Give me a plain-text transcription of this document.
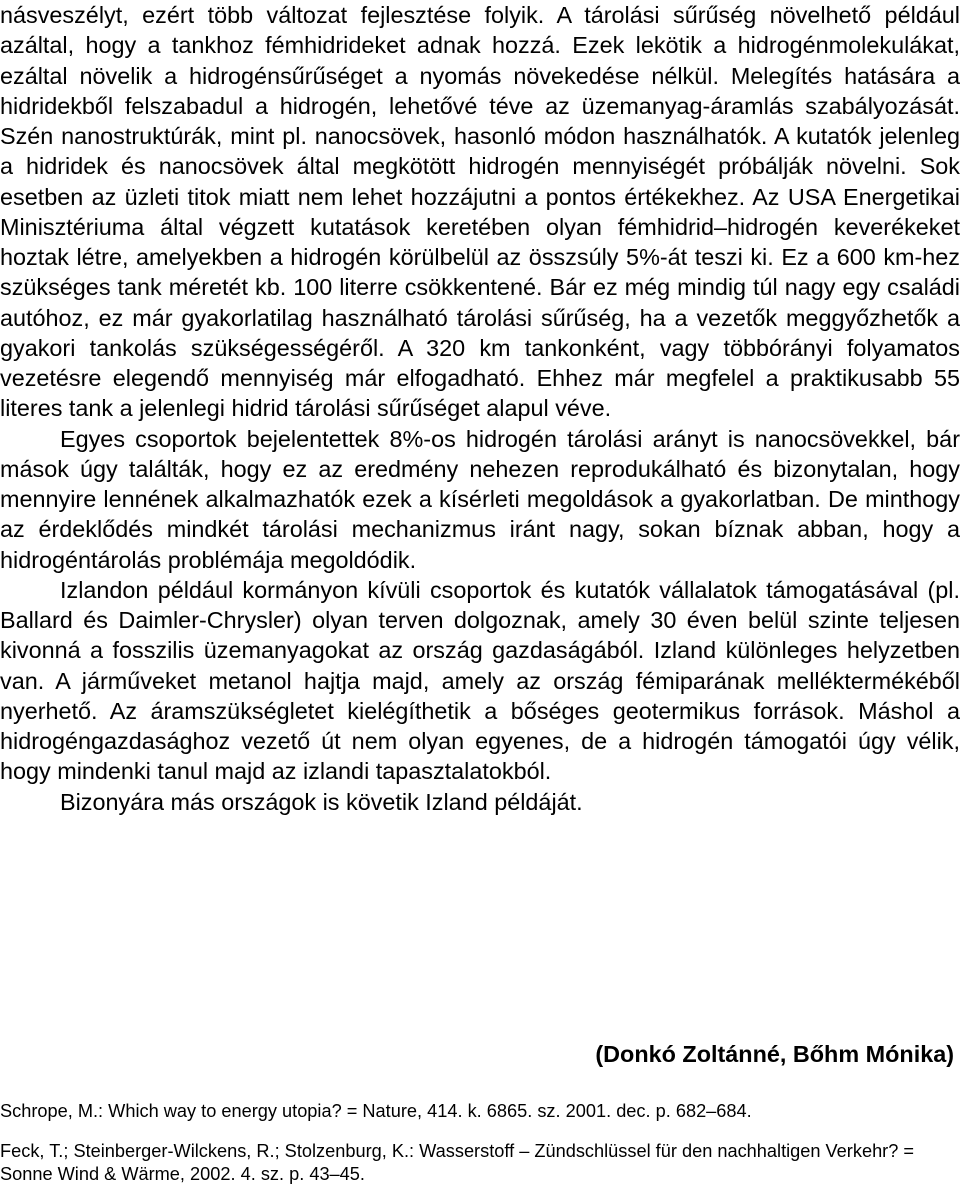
násveszélyt, ezért több változat fejlesztése folyik. A tárolási sűrűség növelhető például azáltal, hogy a tankhoz fémhidrideket adnak hozzá. Ezek lekötik a hidrogénmolekulákat, ezáltal növelik a hidrogénsűrűséget a nyomás növekedése nélkül. Melegítés hatására a hidridekből felszabadul a hidrogén, lehetővé téve az üzemanyag-áramlás szabályozását. Szén nanostruktúrák, mint pl. nanocsövek, hasonló módon használhatók. A kutatók jelenleg a hidridek és nanocsövek által megkötött hidrogén mennyiségét próbálják növelni. Sok esetben az üzleti titok miatt nem lehet hozzájutni a pontos értékekhez. Az USA Energetikai Minisztériuma által végzett kutatások keretében olyan fémhidrid–hidrogén keverékeket hoztak létre, amelyekben a hidrogén körülbelül az összsúly 5%-át teszi ki. Ez a 600 km-hez szükséges tank méretét kb. 100 literre csökkentené. Bár ez még mindig túl nagy egy családi autóhoz, ez már gyakorlatilag használható tárolási sűrűség, ha a vezetők meggyőzhetők a gyakori tankolás szükségességéről. A 320 km tankonként, vagy többórányi folyamatos vezetésre elegendő mennyiség már elfogadható. Ehhez már megfelel a praktikusabb 55 literes tank a jelenlegi hidrid tárolási sűrűséget alapul véve.

Egyes csoportok bejelentettek 8%-os hidrogén tárolási arányt is nanocsövekkel, bár mások úgy találták, hogy ez az eredmény nehezen reprodukálható és bizonytalan, hogy mennyire lennének alkalmazhatók ezek a kísérleti megoldások a gyakorlatban. De minthogy az érdeklődés mindkét tárolási mechanizmus iránt nagy, sokan bíznak abban, hogy a hidrogéntárolás problémája megoldódik.

Izlandon például kormányon kívüli csoportok és kutatók vállalatok támogatásával (pl. Ballard és Daimler-Chrysler) olyan terven dolgoznak, amely 30 éven belül szinte teljesen kivonná a fosszilis üzemanyagokat az ország gazdaságából. Izland különleges helyzetben van. A járműveket metanol hajtja majd, amely az ország fémiparának melléktermékéből nyerhető. Az áramszükségletet kielégíthetik a bőséges geotermikus források. Máshol a hidrogéngazdasághoz vezető út nem olyan egyenes, de a hidrogén támogatói úgy vélik, hogy mindenki tanul majd az izlandi tapasztalatokból.

Bizonyára más országok is követik Izland példáját.

(Donkó Zoltánné, Bőhm Mónika)
Schrope, M.: Which way to energy utopia? = Nature, 414. k. 6865. sz. 2001. dec. p. 682–684.
Feck, T.; Steinberger-Wilckens, R.; Stolzenburg, K.: Wasserstoff – Zündschlüssel für den nachhaltigen Verkehr? = Sonne Wind & Wärme, 2002. 4. sz. p. 43–45.
